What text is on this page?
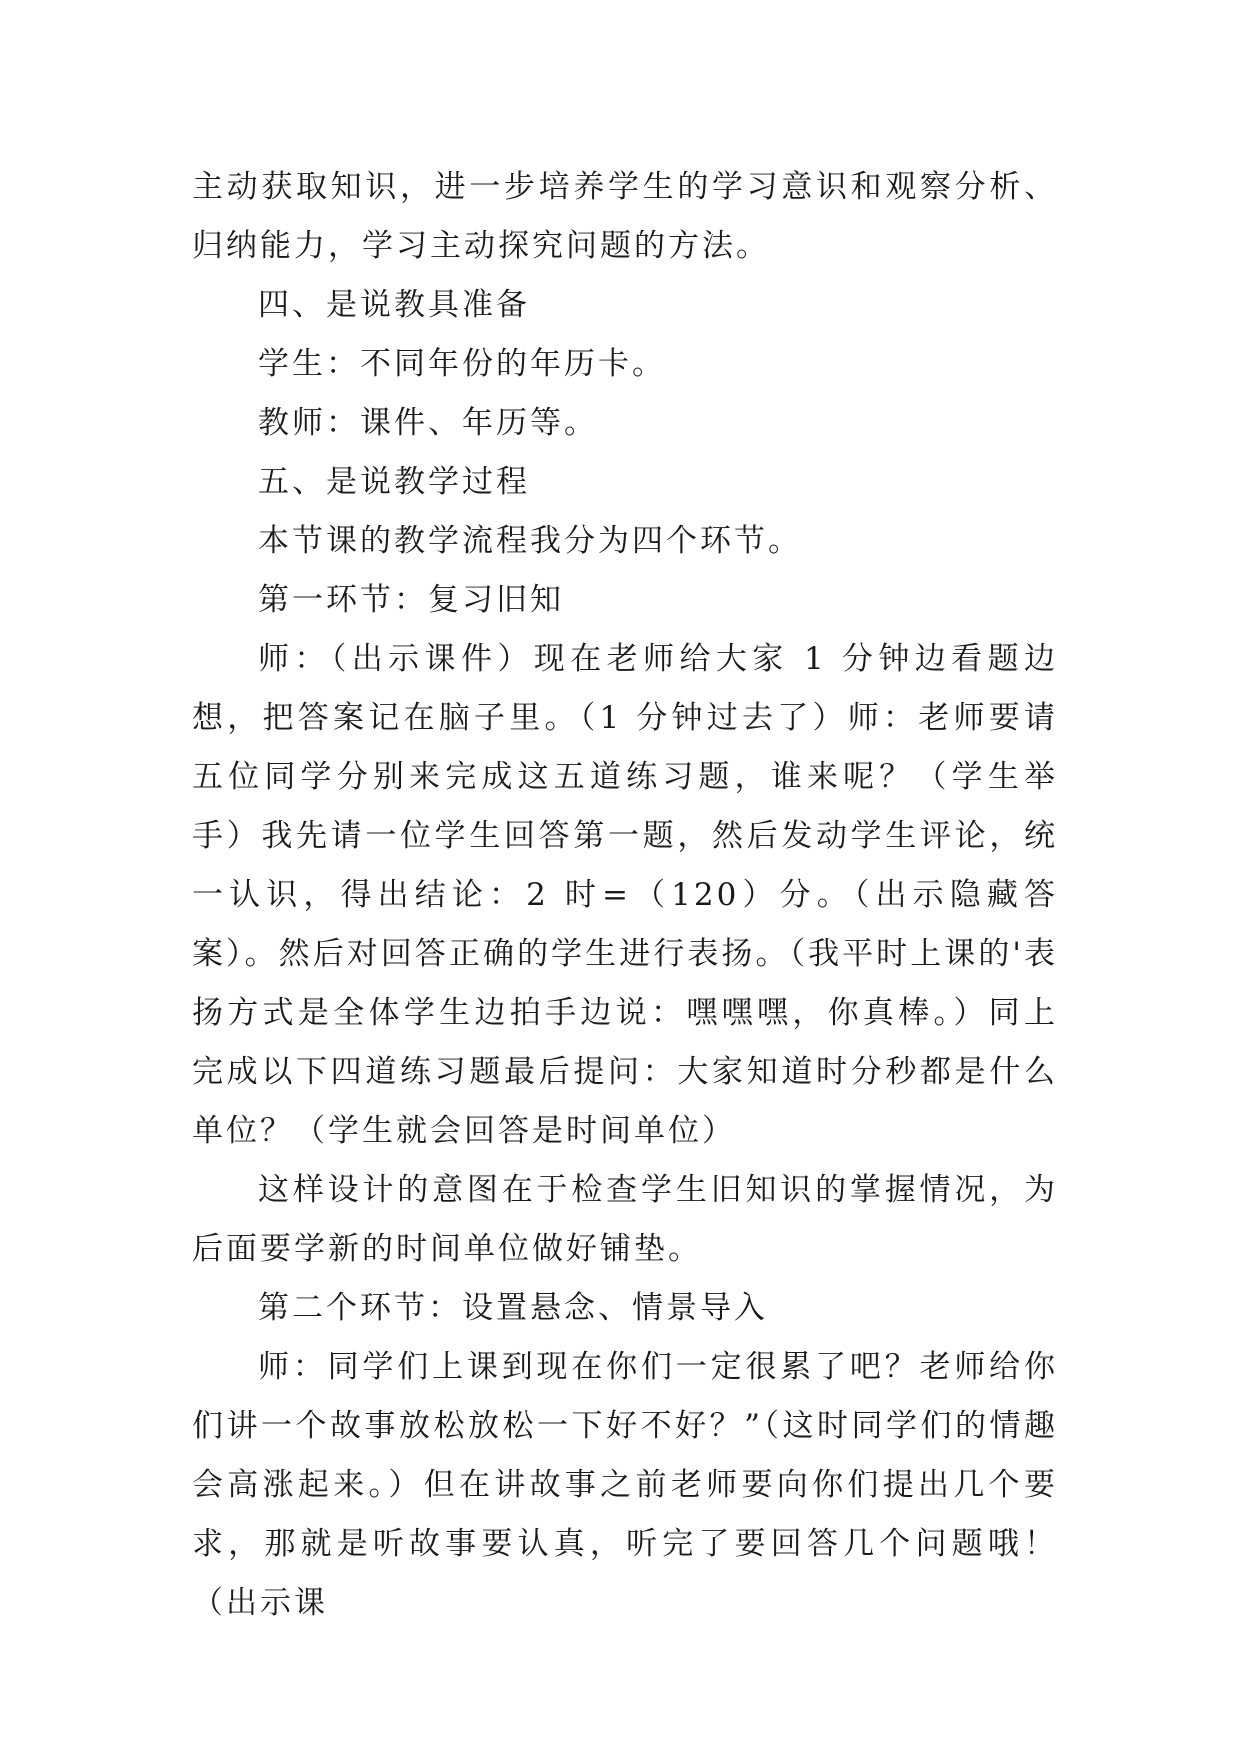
主动获取知识，进一步培养学生的学习意识和观察分析、归纳能力，学习主动探究问题的方法。

四、是说教具准备

学生：不同年份的年历卡。

教师：课件、年历等。

五、是说教学过程

本节课的教学流程我分为四个环节。

第一环节：复习旧知

师：（出示课件）现在老师给大家 1 分钟边看题边想，把答案记在脑子里。（1 分钟过去了）师：老师要请五位同学分别来完成这五道练习题，谁来呢？（学生举手）我先请一位学生回答第一题，然后发动学生评论，统一认识，得出结论：2 时=（120）分。（出示隐藏答案）。然后对回答正确的学生进行表扬。（我平时上课的'表扬方式是全体学生边拍手边说：嘿嘿嘿，你真棒。）同上完成以下四道练习题最后提问：大家知道时分秒都是什么单位？（学生就会回答是时间单位）

这样设计的意图在于检查学生旧知识的掌握情况，为后面要学新的时间单位做好铺垫。

第二个环节：设置悬念、情景导入

师：同学们上课到现在你们一定很累了吧？老师给你们讲一个故事放松放松一下好不好？”（这时同学们的情趣会高涨起来。）但在讲故事之前老师要向你们提出几个要求，那就是听故事要认真，听完了要回答几个问题哦！（出示课
